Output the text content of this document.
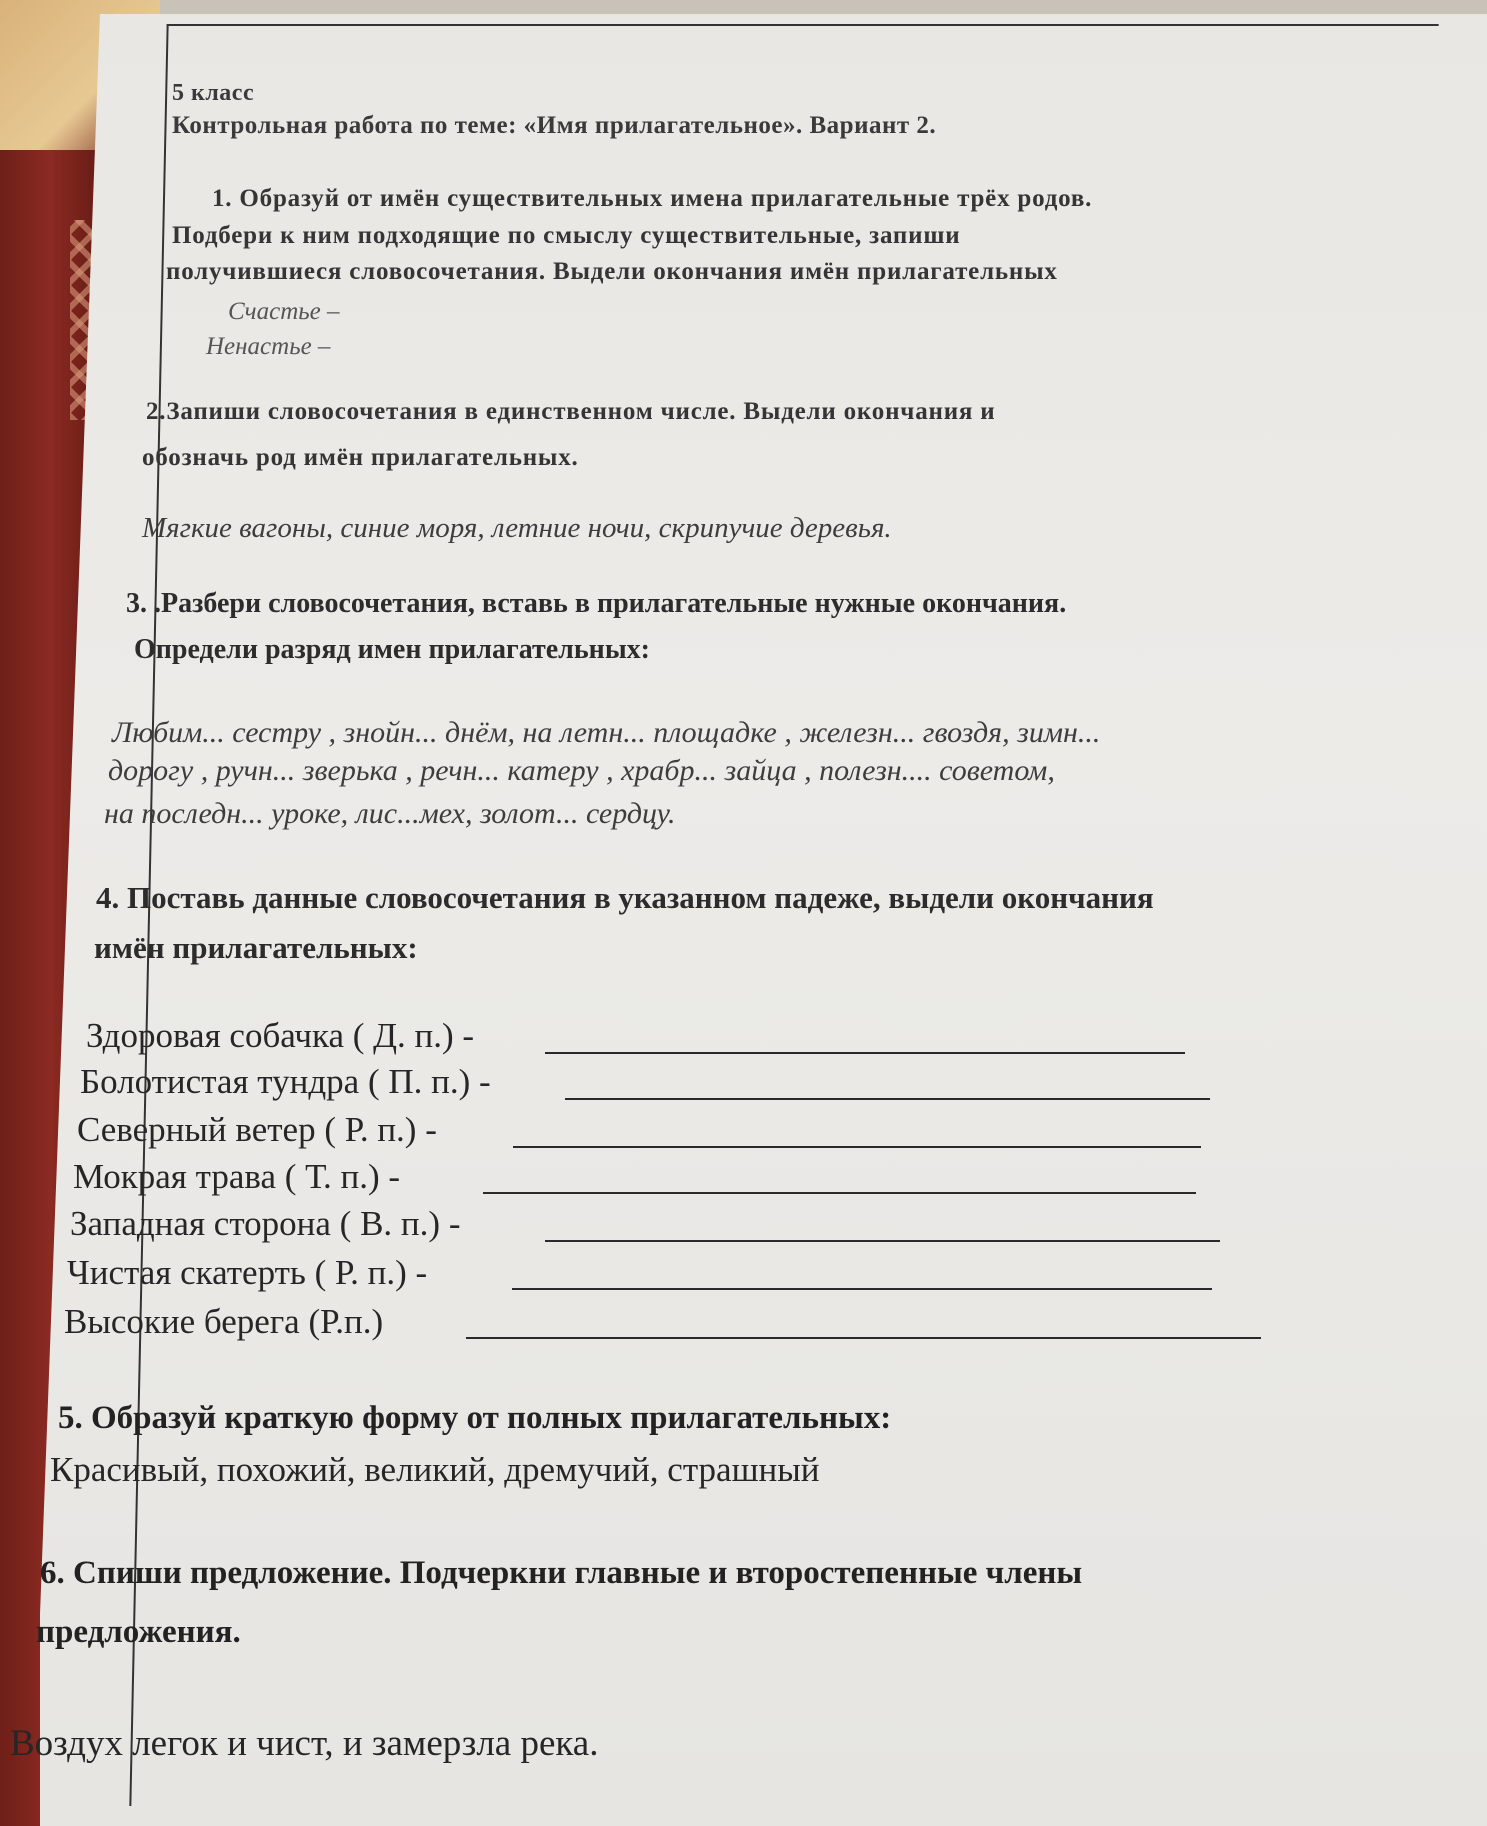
5 класс

Контрольная работа по теме: «Имя прилагательное». Вариант 2.

1. Образуй от имён существительных имена прилагательные трёх родов.

Подбери к ним подходящие по смыслу существительные, запиши

получившиеся словосочетания. Выдели окончания имён прилагательных

Счастье –

Ненастье –

2.Запиши словосочетания в единственном числе. Выдели окончания и

обозначь род имён прилагательных.

Мягкие вагоны, синие моря, летние ночи, скрипучие деревья.

3. .Разбери словосочетания, вставь в прилагательные нужные окончания.

Определи разряд имен прилагательных:

Любим... сестру , знойн... днём, на летн... площадке , железн... гвоздя, зимн...

дорогу , ручн... зверька , речн... катеру , храбр... зайца , полезн.... советом,

на последн... уроке, лис...мех, золот... сердцу.

4. Поставь данные словосочетания в указанном падеже, выдели окончания

имён прилагательных:

Здоровая собачка ( Д. п.) -

Болотистая тундра ( П. п.) -

Северный ветер ( Р. п.) -

Мокрая трава ( Т. п.) -

Западная сторона ( В. п.) -

Чистая скатерть ( Р. п.) -

Высокие берега (Р.п.)

5. Образуй краткую форму от полных прилагательных:

Красивый, похожий, великий, дремучий, страшный

6. Спиши предложение. Подчеркни главные и второстепенные члены

предложения.

Воздух легок и чист, и замерзла река.
